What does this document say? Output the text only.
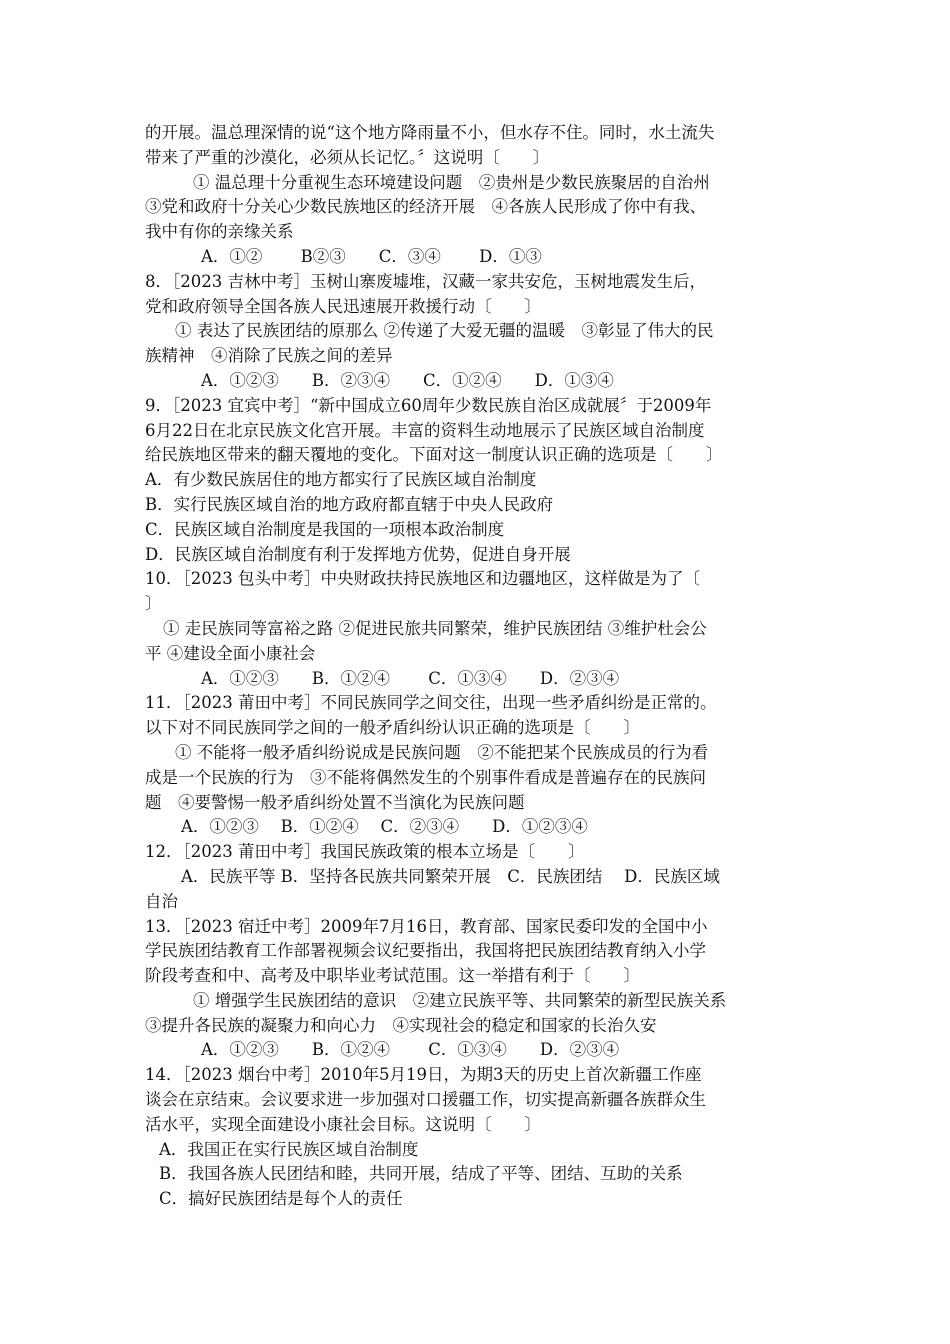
的开展。温总理深情的说“这个地方降雨量不小，但水存不住。同时，水土流失
带来了严重的沙漠化，必须从长记忆。〞这说明〔　　〕
① 温总理十分重视生态环境建设问题　②贵州是少数民族聚居的自治州
③党和政府十分关心少数民族地区的经济开展　④各族人民形成了你中有我、
我中有你的亲缘关系
A．①②　　 B②③　　C．③④　　 D．①③
8．［2023 吉林中考］玉树山寨废墟堆，汉藏一家共安危，玉树地震发生后，
党和政府领导全国各族人民迅速展开救援行动〔　　〕
① 表达了民族团结的原那么 ②传递了大爱无疆的温暖　③彰显了伟大的民
族精神　④消除了民族之间的差异
A．①②③　　B．②③④　　C．①②④　　D．①③④
9．［2023 宜宾中考］“新中国成立60周年少数民族自治区成就展〞于2009年
6月22日在北京民族文化宫开展。丰富的资料生动地展示了民族区域自治制度
给民族地区带来的翻天覆地的变化。下面对这一制度认识正确的选项是〔　　〕
A．有少数民族居住的地方都实行了民族区域自治制度
B．实行民族区域自治的地方政府都直辖于中央人民政府
C．民族区域自治制度是我国的一项根本政治制度
D．民族区域自治制度有利于发挥地方优势，促进自身开展
10．［2023 包头中考］中央财政扶持民族地区和边疆地区，这样做是为了〔
〕
① 走民族同等富裕之路 ②促进民旅共同繁荣，维护民族团结 ③维护杜会公
平 ④建设全面小康社会
A．①②③　　B．①②④　　 C．①③④　　D．②③④
11．［2023 莆田中考］不同民族同学之间交往，出现一些矛盾纠纷是正常的。
以下对不同民族同学之间的一般矛盾纠纷认识正确的选项是〔　　〕
① 不能将一般矛盾纠纷说成是民族问题　②不能把某个民族成员的行为看
成是一个民族的行为　③不能将偶然发生的个别事件看成是普遍存在的民族问
题　④要警惕一般矛盾纠纷处置不当演化为民族问题
A．①②③　 B．①②④　 C．②③④　　D．①②③④
12．［2023 莆田中考］我国民族政策的根本立场是〔　　〕
A．民族平等 B．坚持各民族共同繁荣开展　C．民族团结　 D．民族区域
自治
13．［2023 宿迁中考］2009年7月16日，教育部、国家民委印发的全国中小
学民族团结教育工作部署视频会议纪要指出，我国将把民族团结教育纳入小学
阶段考查和中、高考及中职毕业考试范围。这一举措有利于〔　　〕
① 增强学生民族团结的意识　②建立民族平等、共同繁荣的新型民族关系
③提升各民族的凝聚力和向心力　④实现社会的稳定和国家的长治久安
A．①②③　　B．①②④　　 C．①③④　　D．②③④
14．［2023 烟台中考］2010年5月19日，为期3天的历史上首次新疆工作座
谈会在京结束。会议要求进一步加强对口援疆工作，切实提高新疆各族群众生
活水平，实现全面建设小康社会目标。这说明〔　　〕
A．我国正在实行民族区域自治制度
B．我国各族人民团结和睦，共同开展，结成了平等、团结、互助的关系
C．搞好民族团结是每个人的责任
